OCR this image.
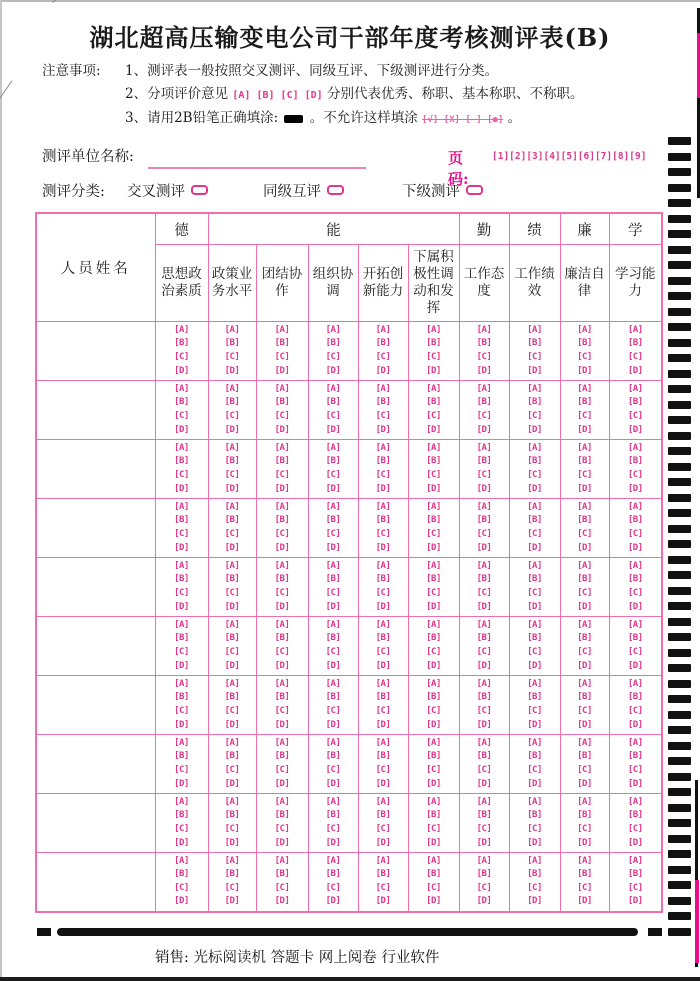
湖北超高压输变电公司干部年度考核测评表(B)
注意事项: 1、测评表一般按照交叉测评、同级互评、下级测评进行分类。
2、分项评价意见 [A] [B] [C] [D] 分别代表优秀、称职、基本称职、不称职。
3、请用2B铅笔正确填涂:  。不允许这样填涂 [√] [X] [–] [●] 。
测评单位名称:	页码:
[1][2][3][4][5][6][7][8][9]
测评分类: 交叉测评	同级互评	下级测评
人员姓名	德	能					勤	绩	廉	学
	思想政治素质	政策业务水平	团结协作	组织协调	开拓创新能力	下属积极性调动和发挥	工作态度	工作绩效	廉洁自律	学习能力

	[A]
[B]
[C]
[D]	[A]
[B]
[C]
[D]	[A]
[B]
[C]
[D]	[A]
[B]
[C]
[D]	[A]
[B]
[C]
[D]	[A]
[B]
[C]
[D]	[A]
[B]
[C]
[D]	[A]
[B]
[C]
[D]	[A]
[B]
[C]
[D]	[A]
[B]
[C]
[D]

	[A]
[B]
[C]
[D]	[A]
[B]
[C]
[D]	[A]
[B]
[C]
[D]	[A]
[B]
[C]
[D]	[A]
[B]
[C]
[D]	[A]
[B]
[C]
[D]	[A]
[B]
[C]
[D]	[A]
[B]
[C]
[D]	[A]
[B]
[C]
[D]	[A]
[B]
[C]
[D]

	[A]
[B]
[C]
[D]	[A]
[B]
[C]
[D]	[A]
[B]
[C]
[D]	[A]
[B]
[C]
[D]	[A]
[B]
[C]
[D]	[A]
[B]
[C]
[D]	[A]
[B]
[C]
[D]	[A]
[B]
[C]
[D]	[A]
[B]
[C]
[D]	[A]
[B]
[C]
[D]

	[A]
[B]
[C]
[D]	[A]
[B]
[C]
[D]	[A]
[B]
[C]
[D]	[A]
[B]
[C]
[D]	[A]
[B]
[C]
[D]	[A]
[B]
[C]
[D]	[A]
[B]
[C]
[D]	[A]
[B]
[C]
[D]	[A]
[B]
[C]
[D]	[A]
[B]
[C]
[D]

	[A]
[B]
[C]
[D]	[A]
[B]
[C]
[D]	[A]
[B]
[C]
[D]	[A]
[B]
[C]
[D]	[A]
[B]
[C]
[D]	[A]
[B]
[C]
[D]	[A]
[B]
[C]
[D]	[A]
[B]
[C]
[D]	[A]
[B]
[C]
[D]	[A]
[B]
[C]
[D]

	[A]
[B]
[C]
[D]	[A]
[B]
[C]
[D]	[A]
[B]
[C]
[D]	[A]
[B]
[C]
[D]	[A]
[B]
[C]
[D]	[A]
[B]
[C]
[D]	[A]
[B]
[C]
[D]	[A]
[B]
[C]
[D]	[A]
[B]
[C]
[D]	[A]
[B]
[C]
[D]

	[A]
[B]
[C]
[D]	[A]
[B]
[C]
[D]	[A]
[B]
[C]
[D]	[A]
[B]
[C]
[D]	[A]
[B]
[C]
[D]	[A]
[B]
[C]
[D]	[A]
[B]
[C]
[D]	[A]
[B]
[C]
[D]	[A]
[B]
[C]
[D]	[A]
[B]
[C]
[D]

	[A]
[B]
[C]
[D]	[A]
[B]
[C]
[D]	[A]
[B]
[C]
[D]	[A]
[B]
[C]
[D]	[A]
[B]
[C]
[D]	[A]
[B]
[C]
[D]	[A]
[B]
[C]
[D]	[A]
[B]
[C]
[D]	[A]
[B]
[C]
[D]	[A]
[B]
[C]
[D]

	[A]
[B]
[C]
[D]	[A]
[B]
[C]
[D]	[A]
[B]
[C]
[D]	[A]
[B]
[C]
[D]	[A]
[B]
[C]
[D]	[A]
[B]
[C]
[D]	[A]
[B]
[C]
[D]	[A]
[B]
[C]
[D]	[A]
[B]
[C]
[D]	[A]
[B]
[C]
[D]

	[A]
[B]
[C]
[D]	[A]
[B]
[C]
[D]	[A]
[B]
[C]
[D]	[A]
[B]
[C]
[D]	[A]
[B]
[C]
[D]	[A]
[B]
[C]
[D]	[A]
[B]
[C]
[D]	[A]
[B]
[C]
[D]	[A]
[B]
[C]
[D]	[A]
[B]
[C]
[D]
销售: 光标阅读机 答题卡 网上阅卷 行业软件
